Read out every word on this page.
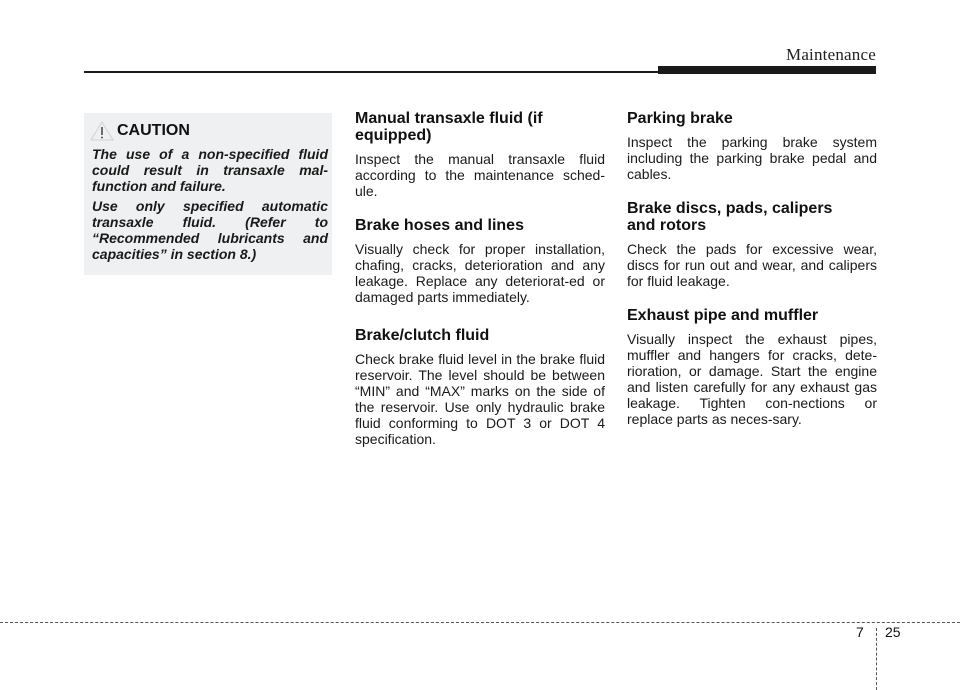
Maintenance
CAUTION

The use of a non-specified fluid could result in transaxle mal-function and failure.

Use only specified automatic transaxle fluid. (Refer to “Recommended lubricants and capacities” in section 8.)

Manual transaxle fluid (if equipped)

Inspect the manual transaxle fluid according to the maintenance sched-ule.

Brake hoses and lines

Visually check for proper installation, chafing, cracks, deterioration and any leakage. Replace any deteriorat-ed or damaged parts immediately.

Brake/clutch fluid

Check brake fluid level in the brake fluid reservoir. The level should be between “MIN” and “MAX” marks on the side of the reservoir. Use only hydraulic brake fluid conforming to DOT 3 or DOT 4 specification.

Parking brake

Inspect the parking brake system including the parking brake pedal and cables.

Brake discs, pads, calipers and rotors

Check the pads for excessive wear, discs for run out and wear, and calipers for fluid leakage.

Exhaust pipe and muffler

Visually inspect the exhaust pipes, muffler and hangers for cracks, dete-rioration, or damage. Start the engine and listen carefully for any exhaust gas leakage. Tighten con-nections or replace parts as neces-sary.

7 25
